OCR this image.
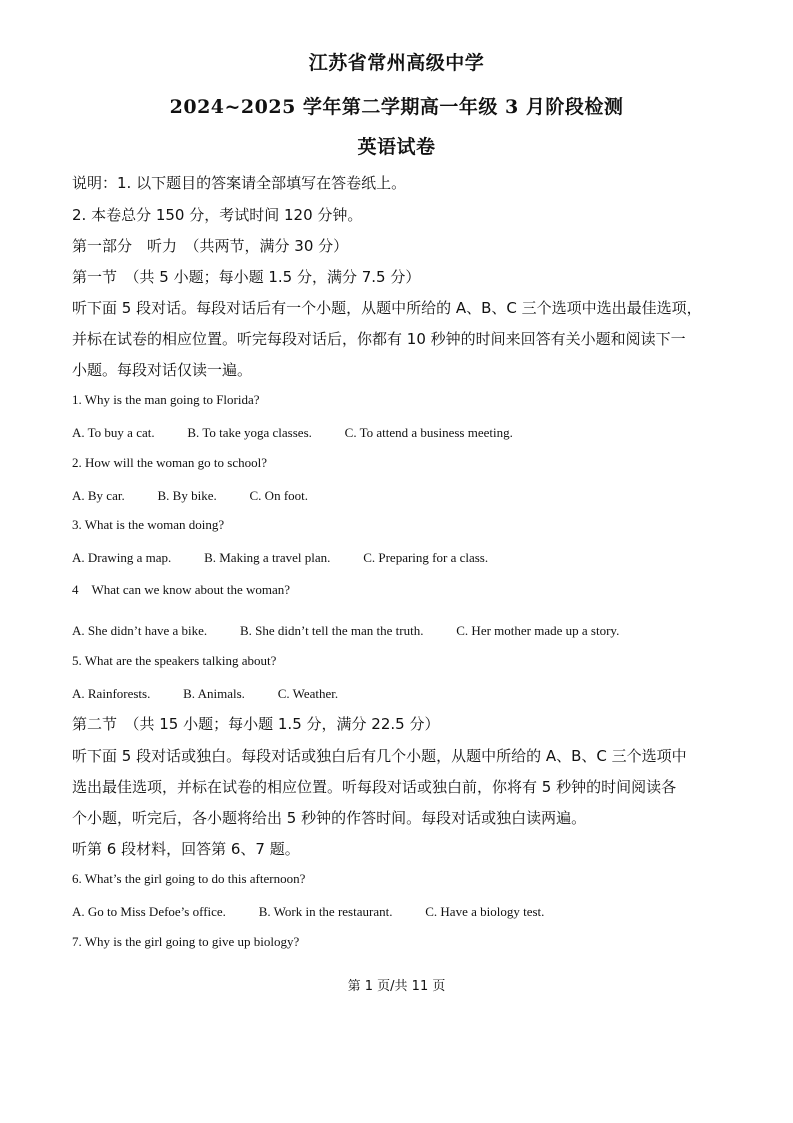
江苏省常州高级中学
2024~2025 学年第二学期高一年级 3 月阶段检测
英语试卷
说明：1. 以下题目的答案请全部填写在答卷纸上。
2. 本卷总分 150 分，考试时间 120 分钟。
第一部分　听力　（共两节，满分 30 分）
第一节　（共 5 小题；每小题 1.5 分，满分 7.5 分）
听下面 5 段对话。每段对话后有一个小题，从题中所给的 A、B、C 三个选项中选出最佳选项，
并标在试卷的相应位置。听完每段对话后，你都有 10 秒钟的时间来回答有关小题和阅读下一
小题。每段对话仅读一遍。
1. Why is the man going to Florida?
A. To buy a cat.	B. To take yoga classes.	C. To attend a business meeting.
2. How will the woman go to school?
A. By car.	B. By bike.	C. On foot.
3. What is the woman doing?
A. Drawing a map.	B. Making a travel plan.	C. Preparing for a class.
4　What can we know about the woman?
A. She didn’t have a bike.	B. She didn’t tell the man the truth.	C. Her mother made up a story.
5. What are the speakers talking about?
A. Rainforests.	B. Animals.	C. Weather.
第二节　（共 15 小题；每小题 1.5 分，满分 22.5 分）
听下面 5 段对话或独白。每段对话或独白后有几个小题，从题中所给的 A、B、C 三个选项中
选出最佳选项，并标在试卷的相应位置。听每段对话或独白前，你将有 5 秒钟的时间阅读各
个小题，听完后，各小题将给出 5 秒钟的作答时间。每段对话或独白读两遍。
听第 6 段材料，回答第 6、7 题。
6. What’s the girl going to do this afternoon?
A. Go to Miss Defoe’s office.	B. Work in the restaurant.	C. Have a biology test.
7. Why is the girl going to give up biology?
第 1 页/共 11 页
